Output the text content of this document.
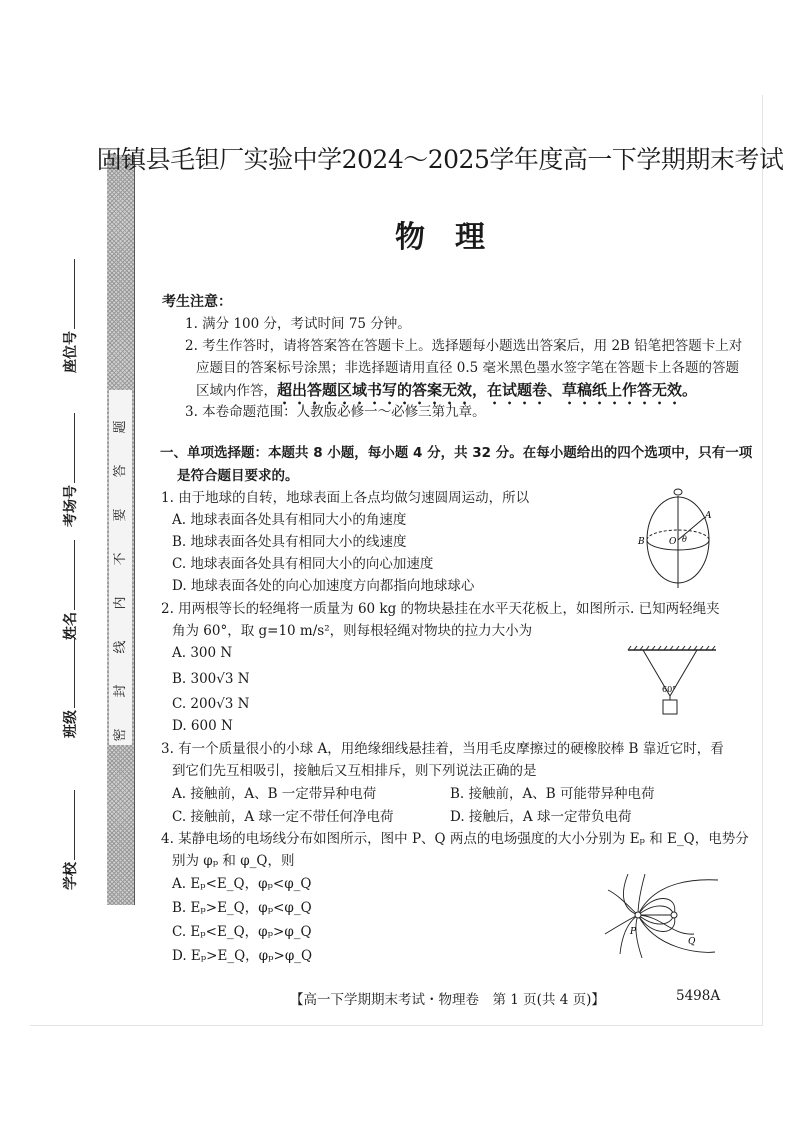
题
答
要
不
内
线
封
密
座位号
考场号
姓名
班级
学校
固镇县毛钽厂实验中学2024～2025学年度高一下学期期末考试
物　理
考生注意：
1. 满分 100 分，考试时间 75 分钟。
2. 考生作答时，请将答案答在答题卡上。选择题每小题选出答案后，用 2B 铅笔把答题卡上对
应题目的答案标号涂黑；非选择题请用直径 0.5 毫米黑色墨水签字笔在答题卡上各题的答题
区域内作答，超出答题区域书写的答案无效，在试题卷、草稿纸上作答无效。
3. 本卷命题范围：人教版必修一～必修三第九章。
一、单项选择题：本题共 8 小题，每小题 4 分，共 32 分。在每小题给出的四个选项中，只有一项
是符合题目要求的。
1. 由于地球的自转，地球表面上各点均做匀速圆周运动，所以
A. 地球表面各处具有相同大小的角速度
B. 地球表面各处具有相同大小的线速度
C. 地球表面各处具有相同大小的向心加速度
D. 地球表面各处的向心加速度方向都指向地球球心
A
B	O θ
2. 用两根等长的轻绳将一质量为 60 kg 的物块悬挂在水平天花板上，如图所示. 已知两轻绳夹
角为 60°，取 g=10 m/s²，则每根轻绳对物块的拉力大小为
A. 300 N
B. 300√3 N
C. 200√3 N
D. 600 N
60°
3. 有一个质量很小的小球 A，用绝缘细线悬挂着，当用毛皮摩擦过的硬橡胶棒 B 靠近它时，看
到它们先互相吸引，接触后又互相排斥，则下列说法正确的是
A. 接触前，A、B 一定带异种电荷	B. 接触前，A、B 可能带异种电荷
C. 接触前，A 球一定不带任何净电荷	D. 接触后，A 球一定带负电荷
4. 某静电场的电场线分布如图所示，图中 P、Q 两点的电场强度的大小分别为 Eₚ 和 E_Q，电势分
别为 φₚ 和 φ_Q，则
A. Eₚ<E_Q，φₚ<φ_Q
B. Eₚ>E_Q，φₚ<φ_Q
C. Eₚ<E_Q，φₚ>φ_Q
D. Eₚ>E_Q，φₚ>φ_Q
P
Q
【高一下学期期末考试・物理卷　第 1 页(共 4 页)】	5498A
